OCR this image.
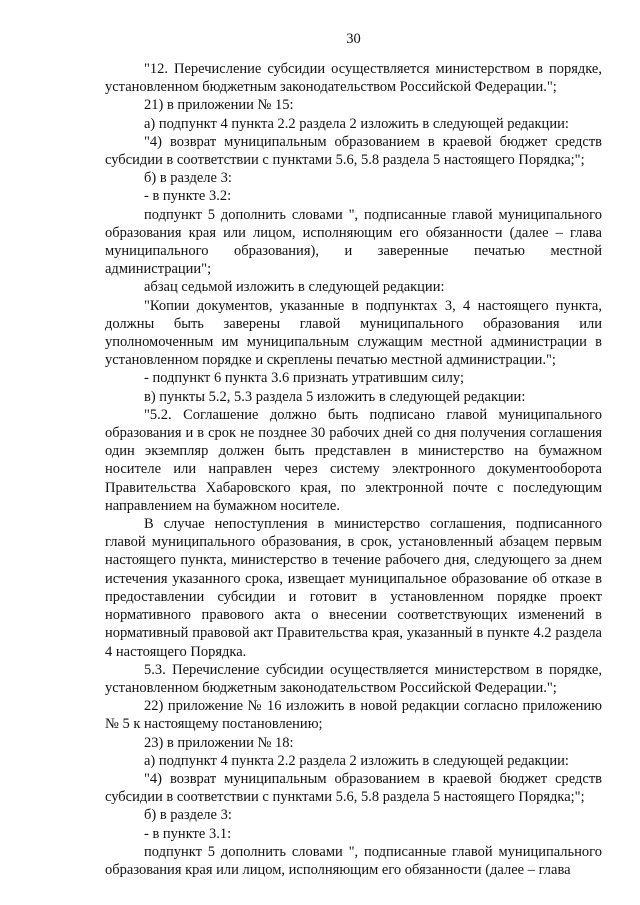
30

"12. Перечисление субсидии осуществляется министерством в порядке, установленном бюджетным законодательством Российской Федерации.";

21) в приложении № 15:

а) подпункт 4 пункта 2.2 раздела 2 изложить в следующей редакции:

"4) возврат муниципальным образованием в краевой бюджет средств субсидии в соответствии с пунктами 5.6, 5.8 раздела 5 настоящего Порядка;";

б) в разделе 3:

- в пункте 3.2:

подпункт 5 дополнить словами ", подписанные главой муниципального образования края или лицом, исполняющим его обязанности (далее – глава муниципального образования), и заверенные печатью местной администрации";

абзац седьмой изложить в следующей редакции:

"Копии документов, указанные в подпунктах 3, 4 настоящего пункта, должны быть заверены главой муниципального образования или уполномоченным им муниципальным служащим местной администрации в установленном порядке и скреплены печатью местной администрации.";

- подпункт 6 пункта 3.6 признать утратившим силу;

в) пункты 5.2, 5.3 раздела 5 изложить в следующей редакции:

"5.2. Соглашение должно быть подписано главой муниципального образования и в срок не позднее 30 рабочих дней со дня получения соглашения один экземпляр должен быть представлен в министерство на бумажном носителе или направлен через систему электронного документооборота Правительства Хабаровского края, по электронной почте с последующим направлением на бумажном носителе.

В случае непоступления в министерство соглашения, подписанного главой муниципального образования, в срок, установленный абзацем первым настоящего пункта, министерство в течение рабочего дня, следующего за днем истечения указанного срока, извещает муниципальное образование об отказе в предоставлении субсидии и готовит в установленном порядке проект нормативного правового акта о внесении соответствующих изменений в нормативный правовой акт Правительства края, указанный в пункте 4.2 раздела 4 настоящего Порядка.

5.3. Перечисление субсидии осуществляется министерством в порядке, установленном бюджетным законодательством Российской Федерации.";

22) приложение № 16 изложить в новой редакции согласно приложению № 5 к настоящему постановлению;

23) в приложении № 18:

а) подпункт 4 пункта 2.2 раздела 2 изложить в следующей редакции:

"4) возврат муниципальным образованием в краевой бюджет средств субсидии в соответствии с пунктами 5.6, 5.8 раздела 5 настоящего Порядка;";

б) в разделе 3:

- в пункте 3.1:

подпункт 5 дополнить словами ", подписанные главой муниципального образования края или лицом, исполняющим его обязанности (далее – глава
